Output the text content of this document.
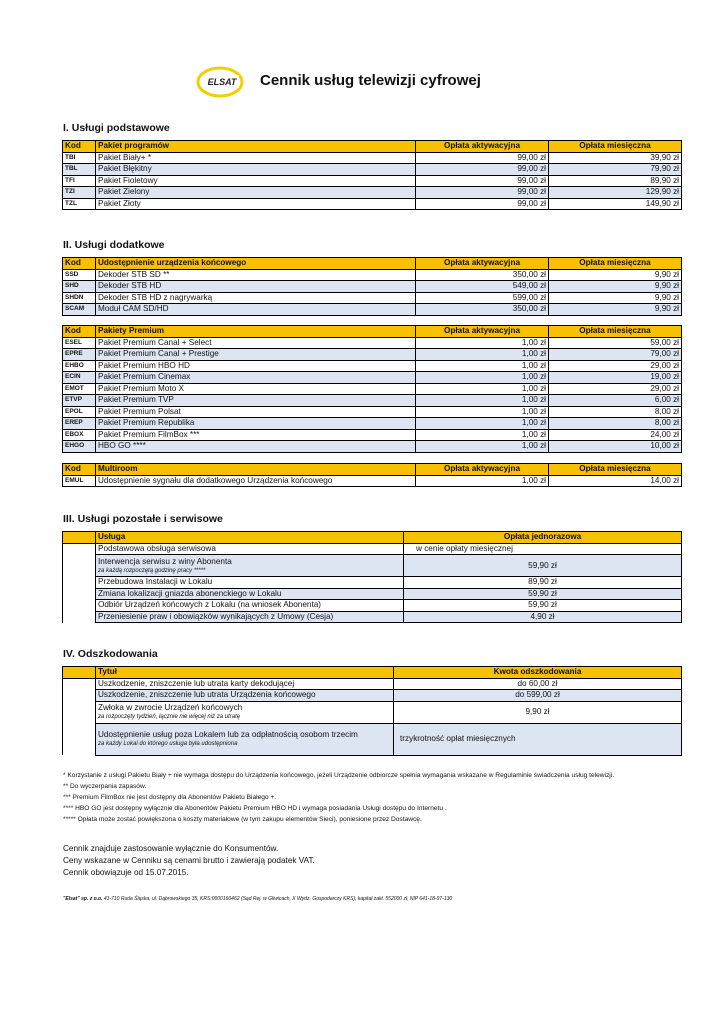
ELSAT Cennik usług telewizji cyfrowej
I. Usługi podstawowe
Kod	Pakiet programów	Opłata aktywacyjna	Opłata miesięczna
TBI	Pakiet Biały+ *	99,00 zł	39,90 zł
TBL	Pakiet Błękitny	99,00 zł	79,90 zł
TFI	Pakiet Fioletowy	99,00 zł	89,90 zł
TZI	Pakiet Zielony	99,00 zł	129,90 zł
TZL	Pakiet Złoty	99,00 zł	149,90 zł
II. Usługi dodatkowe
Kod	Udostępnienie urządzenia końcowego	Opłata aktywacyjna	Opłata miesięczna
SSD	Dekoder STB SD **	350,00 zł	9,90 zł
SHD	Dekoder STB HD	549,00 zł	9,90 zł
SHDN	Dekoder STB HD z nagrywarką	599,00 zł	9,90 zł
SCAM	Moduł CAM SD/HD	350,00 zł	9,90 zł
Kod	Pakiety Premium	Opłata aktywacyjna	Opłata miesięczna
ESEL	Pakiet Premium Canal + Select	1,00 zł	59,00 zł
EPRE	Pakiet Premium Canal + Prestige	1,00 zł	79,00 zł
EHBO	Pakiet Premium HBO HD	1,00 zł	29,00 zł
ECIN	Pakiet Premium Cinemax	1,00 zł	19,00 zł
EMOT	Pakiet Premium Moto X	1,00 zł	29,00 zł
ETVP	Pakiet Premium TVP	1,00 zł	6,00 zł
EPOL	Pakiet Premium Polsat	1,00 zł	8,00 zł
EREP	Pakiet Premium Republika	1,00 zł	8,00 zł
EBOX	Pakiet Premium FilmBox ***	1,00 zł	24,00 zł
EHGO	HBO GO ****	1,00 zł	10,00 zł
Kod	Multiroom	Opłata aktywacyjna	Opłata miesięczna
EMUL	Udostępnienie sygnału dla dodatkowego Urządzenia końcowego	1,00 zł	14,00 zł
III. Usługi pozostałe i serwisowe
	Usługa	Opłata jednorazowa
	Podstawowa obsługa serwisowa	w cenie opłaty miesięcznej
	Interwencja serwisu z winy Abonenta
za każdą rozpoczętą godzinę pracy *****	59,90 zł
	Przebudowa Instalacji w Lokalu	89,90 zł
	Zmiana lokalizacji gniazda abonenckiego w Lokalu	59,90 zł
	Odbiór Urządzeń końcowych z Lokalu (na wniosek Abonenta)	59,90 zł
	Przeniesienie praw i obowiązków wynikających z Umowy (Cesja)	4,90 zł
IV. Odszkodowania
	Tytuł	Kwota odszkodowania
	Uszkodzenie, zniszczenie lub utrata karty dekodującej	do 60,00 zł
	Uszkodzenie, zniszczenie lub utrata Urządzenia końcowego	do 599,00 zł
	Zwłoka w zwrocie Urządzeń końcowych
za rozpoczęty tydzień, łącznie nie więcej niż za utratę	9,90 zł
	Udostępnienie usług poza Lokalem lub za odpłatnością osobom trzecim
za każdy Lokal do którego usługa była udostępniona	trzykrotność opłat miesięcznych
* Korzystanie z usługi Pakietu Biały + nie wymaga dostępu do Urządzenia końcowego, jeżeli Urządzenie odbiorcze spełnia wymagania wskazane w Regulaminie świadczenia usług telewizji.
** Do wyczerpania zapasów.
*** Premium FilmBox nie jest dostępny dla Abonentów Pakietu Białego +.
**** HBO GO jest dostępny wyłącznie dla Abonentów Pakietu Premium HBO HD i wymaga posiadania Usługi dostępu do Internetu .
***** Opłata może zostać powiększona o koszty materiałowe (w tym zakupu elementów Sieci), poniesione przez Dostawcę.
Cennik znajduje zastosowanie wyłącznie do Konsumentów.
Ceny wskazane w Cenniku są cenami brutto i zawierają podatek VAT.
Cennik obowiązuje od 15.07.2015.
"Elsat" sp. z o.o. 41-710 Ruda Śląska, ul. Dąbrowskiego 35, KRS:0000160462 (Sąd Rej. w Gliwicach, X Wydz. Gospodarczy KRS), kapitał zakł. 552000 zł, NIP 641-18-97-130
